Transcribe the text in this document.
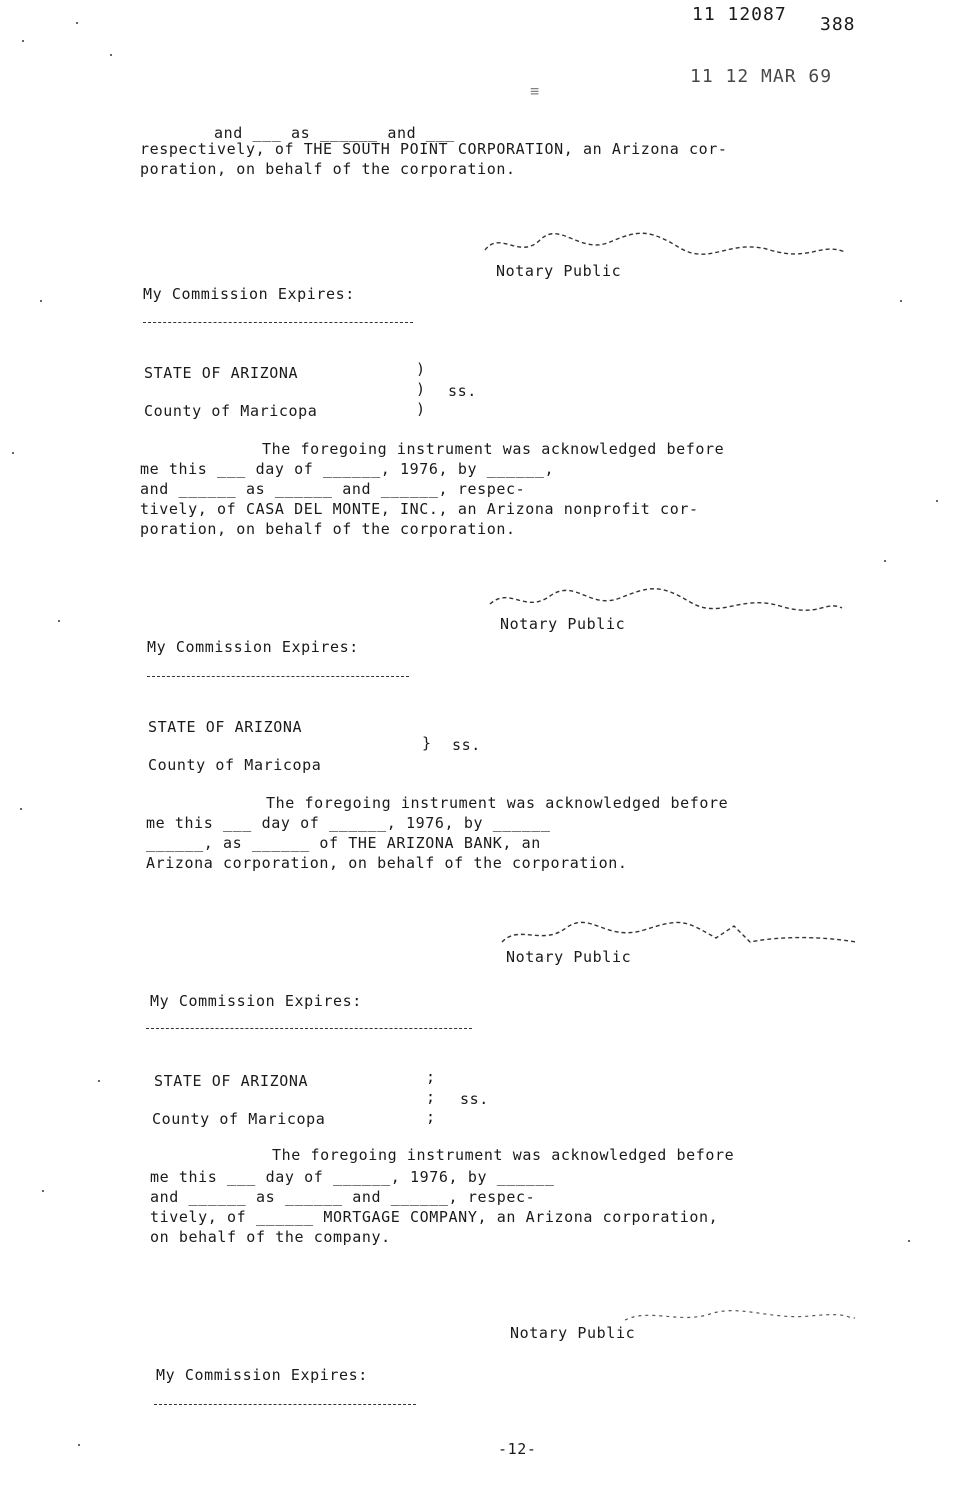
11 12087 388
11 12 MAR 69
≡
and ___ as ______ and ___
respectively, of THE SOUTH POINT CORPORATION, an Arizona cor-
poration, on behalf of the corporation.
Notary Public
My Commission Expires:
STATE OF ARIZONA	)
) ss.
)
County of Maricopa
The foregoing instrument was acknowledged before
me this ___ day of ______, 1976, by ______,
and ______ as ______ and ______, respec-
tively, of CASA DEL MONTE, INC., an Arizona nonprofit cor-
poration, on behalf of the corporation.
Notary Public
My Commission Expires:
STATE OF ARIZONA
} ss.
County of Maricopa
The foregoing instrument was acknowledged before
me this ___ day of ______, 1976, by ______
______, as ______ of THE ARIZONA BANK, an
Arizona corporation, on behalf of the corporation.
Notary Public
My Commission Expires:
STATE OF ARIZONA	;
; ss.
;
County of Maricopa
The foregoing instrument was acknowledged before
me this ___ day of ______, 1976, by ______
and ______ as ______ and ______, respec-
tively, of ______ MORTGAGE COMPANY, an Arizona corporation,
on behalf of the company.
Notary Public
My Commission Expires:
-12-
